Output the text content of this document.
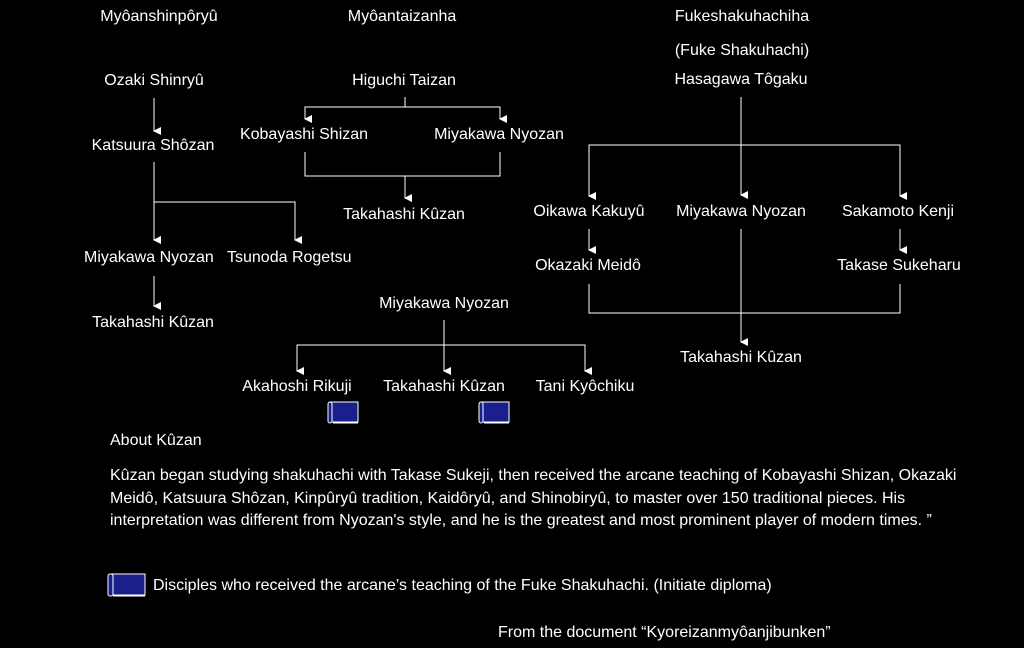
Myôanshinpôryû	Myôantaizanha	Fukeshakuhachiha
(Fuke Shakuhachi)
Ozaki Shinryû
Katsuura Shôzan
Miyakawa Nyozan Tsunoda Rogetsu
Takahashi Kûzan
Higuchi Taizan
Kobayashi Shizan	Miyakawa Nyozan
Takahashi Kûzan
Hasagawa Tôgaku
Oikawa Kakuyû Miyakawa Nyozan Sakamoto Kenji
Okazaki Meidô	Takase Sukeharu
Takahashi Kûzan
Miyakawa Nyozan
Akahoshi Rikuji Takahashi Kûzan Tani Kyôchiku
About Kûzan
Kûzan began studying shakuhachi with Takase Sukeji, then received the arcane teaching of Kobayashi Shizan, Okazaki Meidô, Katsuura Shôzan, Kinpûryû tradition, Kaidôryû, and Shinobiryû, to master over 150 traditional pieces. His interpretation was different from Nyozan's style, and he is the greatest and most prominent player of modern times. ”
Disciples who received the arcane’s teaching of the Fuke Shakuhachi. (Initiate diploma)
From the document “Kyoreizanmyôanjibunken”
